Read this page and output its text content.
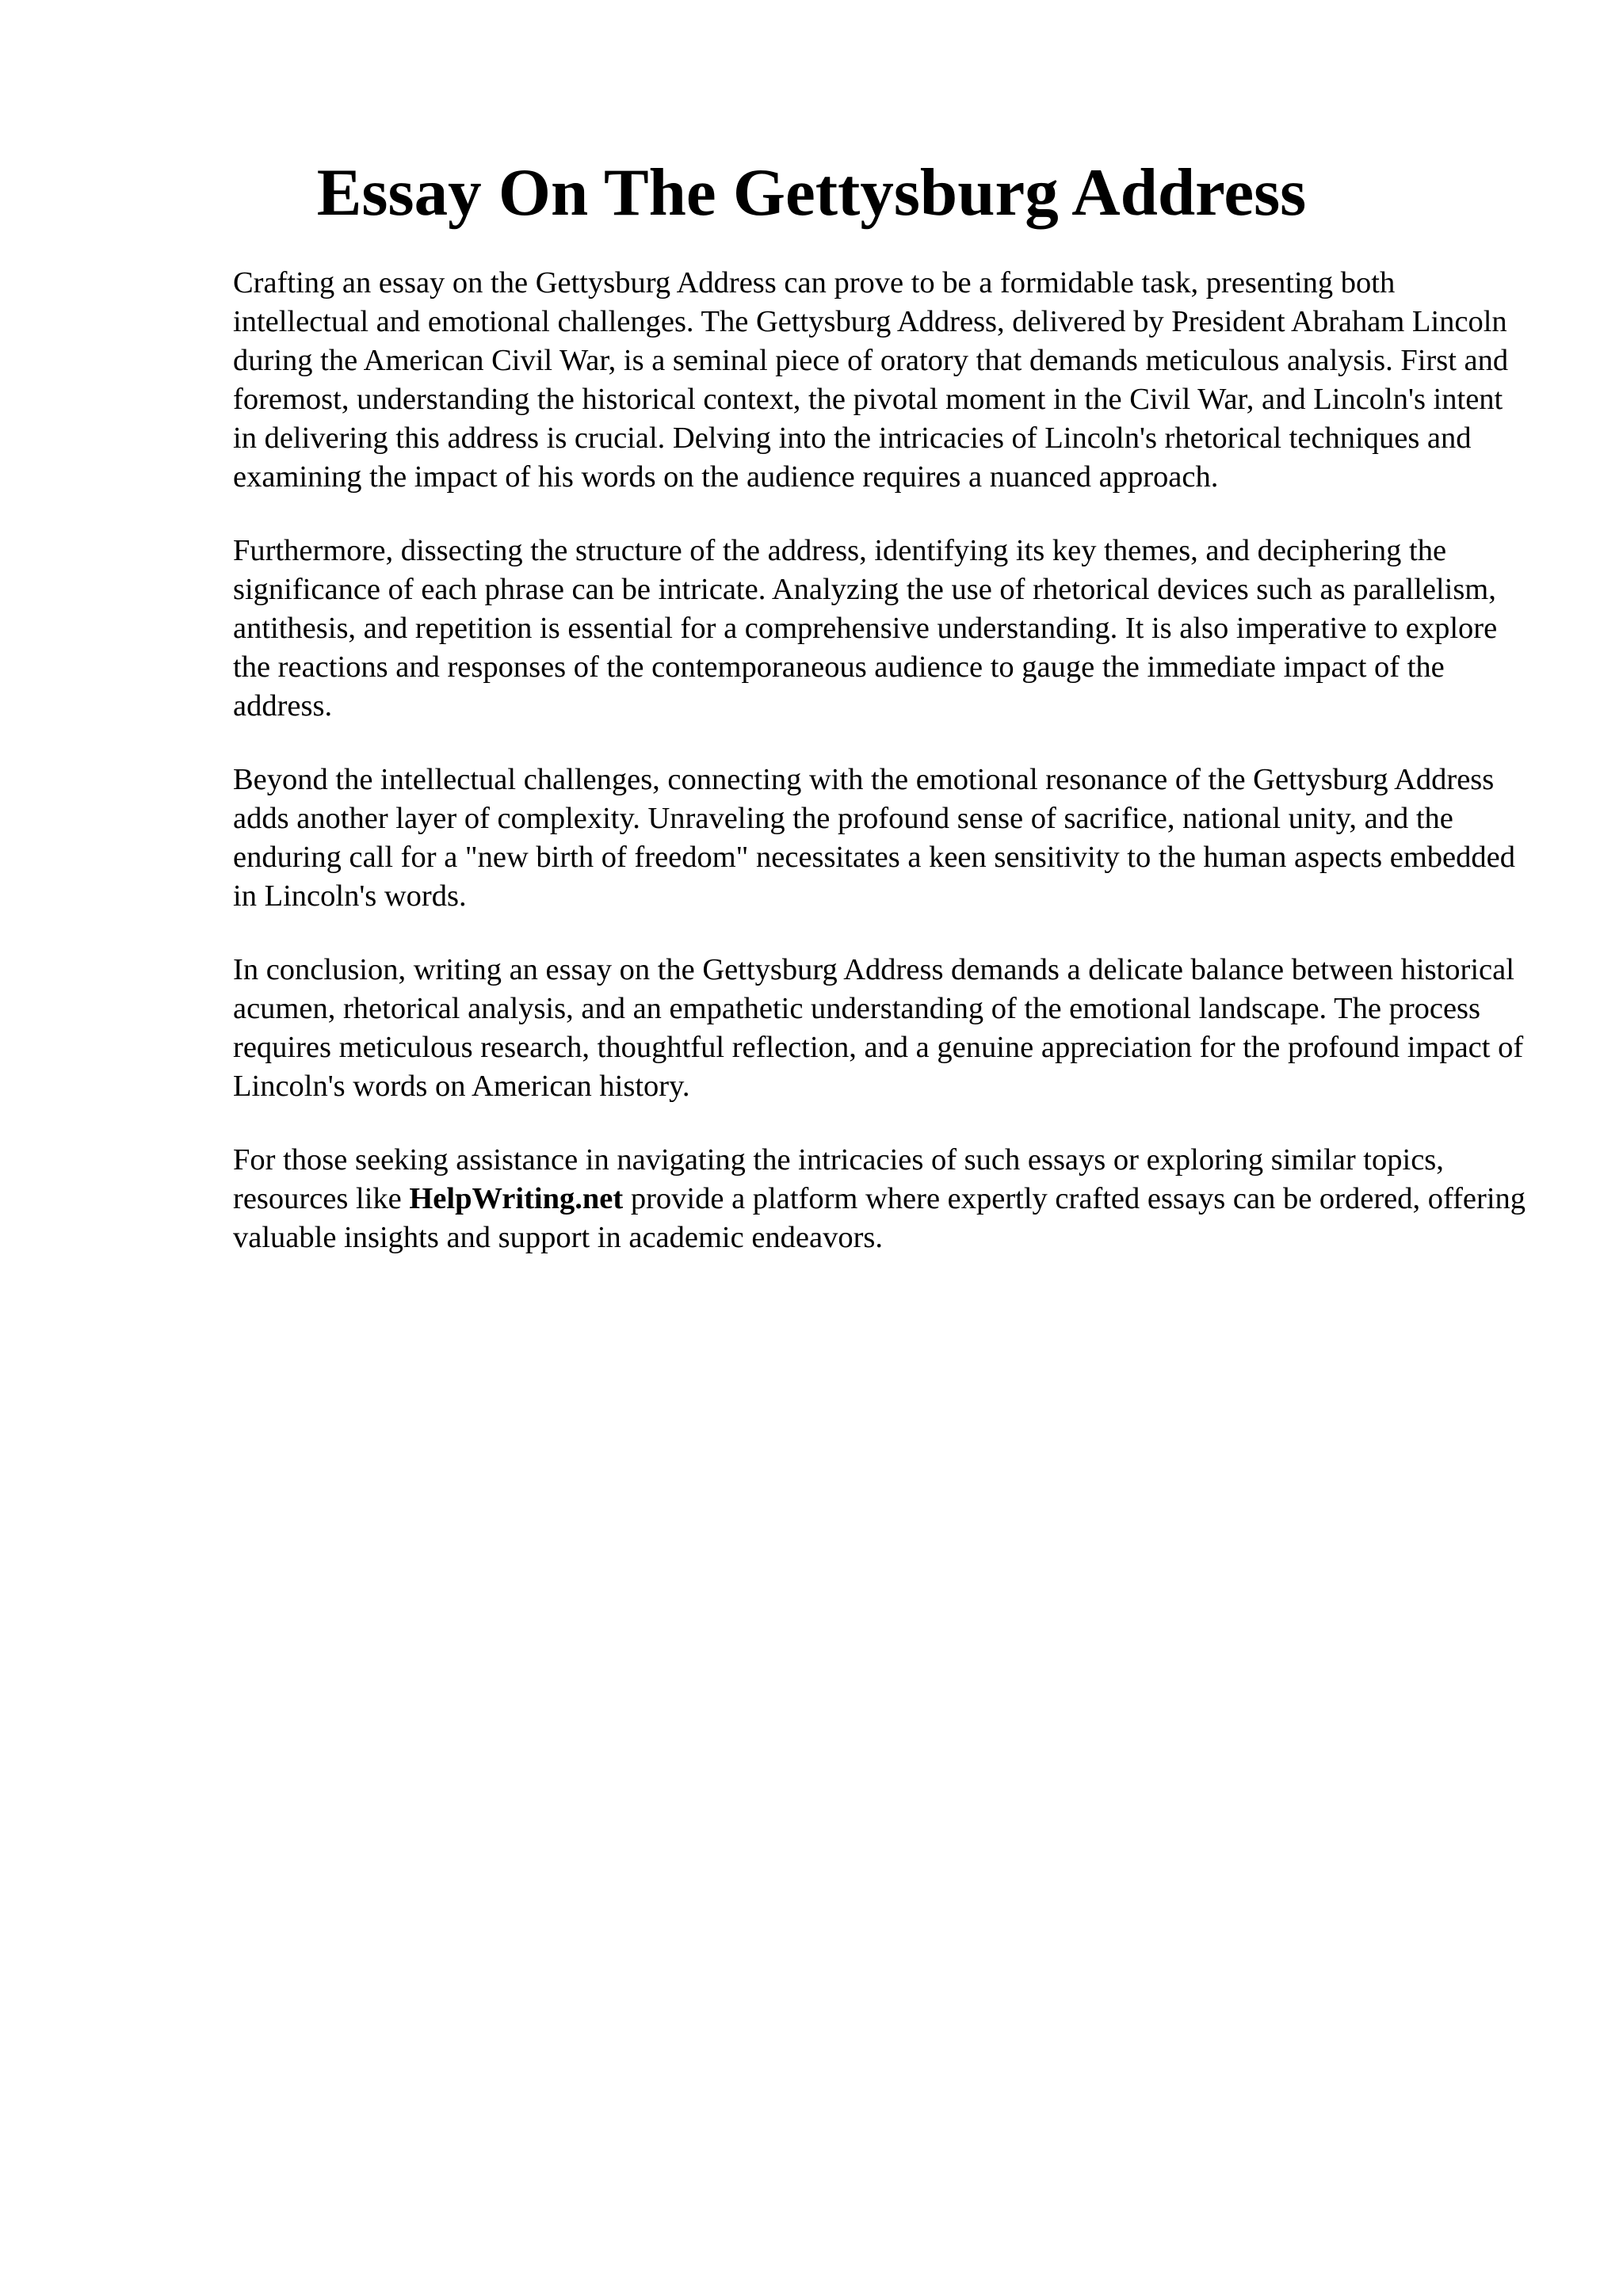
Essay On The Gettysburg Address

Crafting an essay on the Gettysburg Address can prove to be a formidable task, presenting both intellectual and emotional challenges. The Gettysburg Address, delivered by President Abraham Lincoln during the American Civil War, is a seminal piece of oratory that demands meticulous analysis. First and foremost, understanding the historical context, the pivotal moment in the Civil War, and Lincoln's intent in delivering this address is crucial. Delving into the intricacies of Lincoln's rhetorical techniques and examining the impact of his words on the audience requires a nuanced approach.

Furthermore, dissecting the structure of the address, identifying its key themes, and deciphering the significance of each phrase can be intricate. Analyzing the use of rhetorical devices such as parallelism, antithesis, and repetition is essential for a comprehensive understanding. It is also imperative to explore the reactions and responses of the contemporaneous audience to gauge the immediate impact of the address.

Beyond the intellectual challenges, connecting with the emotional resonance of the Gettysburg Address adds another layer of complexity. Unraveling the profound sense of sacrifice, national unity, and the enduring call for a "new birth of freedom" necessitates a keen sensitivity to the human aspects embedded in Lincoln's words.

In conclusion, writing an essay on the Gettysburg Address demands a delicate balance between historical acumen, rhetorical analysis, and an empathetic understanding of the emotional landscape. The process requires meticulous research, thoughtful reflection, and a genuine appreciation for the profound impact of Lincoln's words on American history.

For those seeking assistance in navigating the intricacies of such essays or exploring similar topics, resources like HelpWriting.net provide a platform where expertly crafted essays can be ordered, offering valuable insights and support in academic endeavors.
